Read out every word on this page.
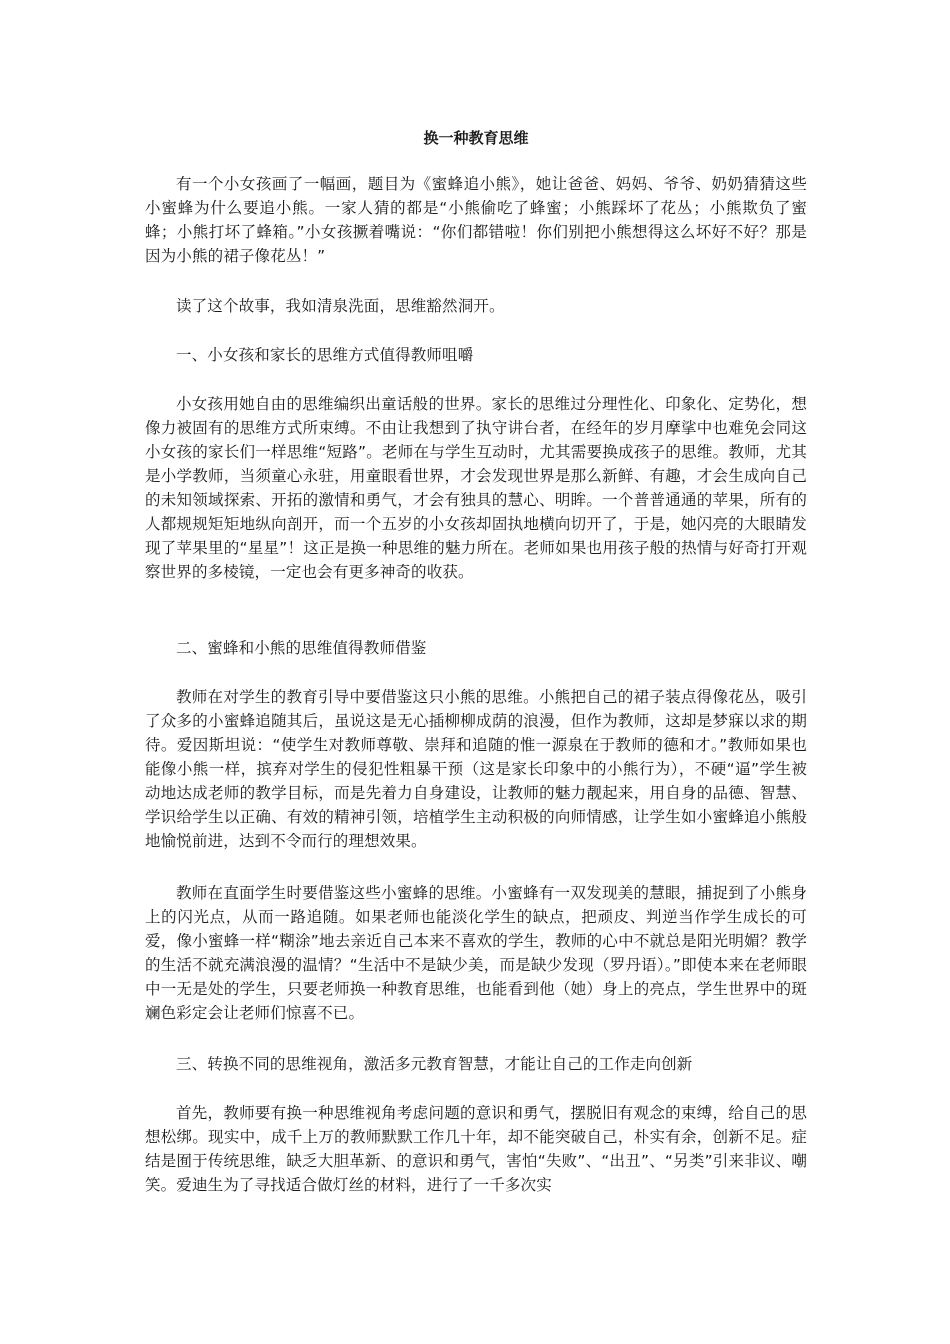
换一种教育思维

有一个小女孩画了一幅画，题目为《蜜蜂追小熊》，她让爸爸、妈妈、爷爷、奶奶猜猜这些小蜜蜂为什么要追小熊。一家人猜的都是“小熊偷吃了蜂蜜；小熊踩坏了花丛；小熊欺负了蜜蜂；小熊打坏了蜂箱。”小女孩撅着嘴说：“你们都错啦！你们别把小熊想得这么坏好不好？那是因为小熊的裙子像花丛！”

读了这个故事，我如清泉洗面，思维豁然洞开。

一、小女孩和家长的思维方式值得教师咀嚼

小女孩用她自由的思维编织出童话般的世界。家长的思维过分理性化、印象化、定势化，想像力被固有的思维方式所束缚。不由让我想到了执守讲台者，在经年的岁月摩挲中也难免会同这小女孩的家长们一样思维“短路”。老师在与学生互动时，尤其需要换成孩子的思维。教师，尤其是小学教师，当须童心永驻，用童眼看世界，才会发现世界是那么新鲜、有趣，才会生成向自己的未知领域探索、开拓的激情和勇气，才会有独具的慧心、明眸。一个普普通通的苹果，所有的人都规规矩矩地纵向剖开，而一个五岁的小女孩却固执地横向切开了，于是，她闪亮的大眼睛发现了苹果里的“星星”！这正是换一种思维的魅力所在。老师如果也用孩子般的热情与好奇打开观察世界的多棱镜，一定也会有更多神奇的收获。

二、蜜蜂和小熊的思维值得教师借鉴

教师在对学生的教育引导中要借鉴这只小熊的思维。小熊把自己的裙子装点得像花丛，吸引了众多的小蜜蜂追随其后，虽说这是无心插柳柳成荫的浪漫，但作为教师，这却是梦寐以求的期待。爱因斯坦说：“使学生对教师尊敬、崇拜和追随的惟一源泉在于教师的德和才。”教师如果也能像小熊一样，摈弃对学生的侵犯性粗暴干预（这是家长印象中的小熊行为），不硬“逼”学生被动地达成老师的教学目标，而是先着力自身建设，让教师的魅力靓起来，用自身的品德、智慧、学识给学生以正确、有效的精神引领，培植学生主动积极的向师情感，让学生如小蜜蜂追小熊般地愉悦前进，达到不令而行的理想效果。

教师在直面学生时要借鉴这些小蜜蜂的思维。小蜜蜂有一双发现美的慧眼，捕捉到了小熊身上的闪光点，从而一路追随。如果老师也能淡化学生的缺点，把顽皮、判逆当作学生成长的可爱，像小蜜蜂一样“糊涂”地去亲近自己本来不喜欢的学生，教师的心中不就总是阳光明媚？教学的生活不就充满浪漫的温情？“生活中不是缺少美，而是缺少发现（罗丹语）。”即使本来在老师眼中一无是处的学生，只要老师换一种教育思维，也能看到他（她）身上的亮点，学生世界中的斑斓色彩定会让老师们惊喜不已。

三、转换不同的思维视角，激活多元教育智慧，才能让自己的工作走向创新

首先，教师要有换一种思维视角考虑问题的意识和勇气，摆脱旧有观念的束缚，给自己的思想松绑。现实中，成千上万的教师默默工作几十年，却不能突破自己，朴实有余，创新不足。症结是囿于传统思维，缺乏大胆革新、的意识和勇气，害怕“失败”、“出丑”、“另类”引来非议、嘲笑。爱迪生为了寻找适合做灯丝的材料，进行了一千多次实
